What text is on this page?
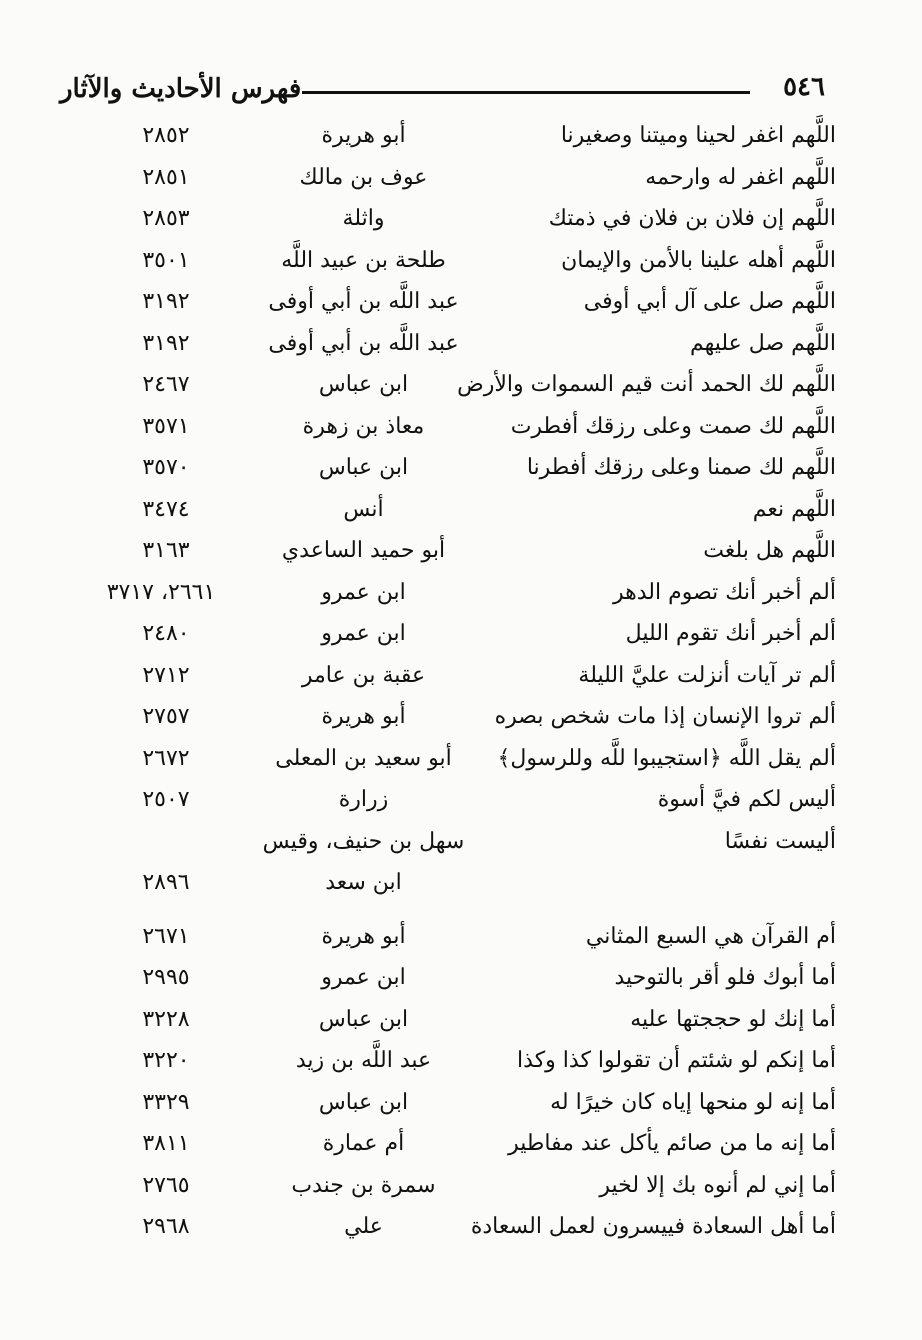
فهرس الأحاديث والآثار	٥٤٦
اللَّهم اغفر لحينا وميتنا وصغيرنا
أبو هريرة
٢٨٥٢
اللَّهم اغفر له وارحمه
عوف بن مالك
٢٨٥١
اللَّهم إن فلان بن فلان في ذمتك
واثلة
٢٨٥٣
اللَّهم أهله علينا بالأمن والإيمان
طلحة بن عبيد اللَّه
٣٥٠١
اللَّهم صل على آل أبي أوفى
عبد اللَّه بن أبي أوفى
٣١٩٢
اللَّهم صل عليهم
عبد اللَّه بن أبي أوفى
٣١٩٢
اللَّهم لك الحمد أنت قيم السموات والأرض
ابن عباس
٢٤٦٧
اللَّهم لك صمت وعلى رزقك أفطرت
معاذ بن زهرة
٣٥٧١
اللَّهم لك صمنا وعلى رزقك أفطرنا
ابن عباس
٣٥٧٠
اللَّهم نعم
أنس
٣٤٧٤
اللَّهم هل بلغت
أبو حميد الساعدي
٣١٦٣
ألم أخبر أنك تصوم الدهر
ابن عمرو
٢٦٦١، ٣٧١٧
ألم أخبر أنك تقوم الليل
ابن عمرو
٢٤٨٠
ألم تر آيات أنزلت عليَّ الليلة
عقبة بن عامر
٢٧١٢
ألم تروا الإنسان إذا مات شخص بصره
أبو هريرة
٢٧٥٧
ألم يقل اللَّه ﴿استجيبوا للَّه وللرسول﴾
أبو سعيد بن المعلى
٢٦٧٢
أليس لكم فيَّ أسوة
زرارة
٢٥٠٧
أليست نفسًا
سهل بن حنيف، وقيس
ابن سعد
٢٨٩٦
أم القرآن هي السبع المثاني
أبو هريرة
٢٦٧١
أما أبوك فلو أقر بالتوحيد
ابن عمرو
٢٩٩٥
أما إنك لو حججتها عليه
ابن عباس
٣٢٢٨
أما إنكم لو شئتم أن تقولوا كذا وكذا
عبد اللَّه بن زيد
٣٢٢٠
أما إنه لو منحها إياه كان خيرًا له
ابن عباس
٣٣٢٩
أما إنه ما من صائم يأكل عند مفاطير
أم عمارة
٣٨١١
أما إني لم أنوه بك إلا لخير
سمرة بن جندب
٢٧٦٥
أما أهل السعادة فييسرون لعمل السعادة
علي
٢٩٦٨
